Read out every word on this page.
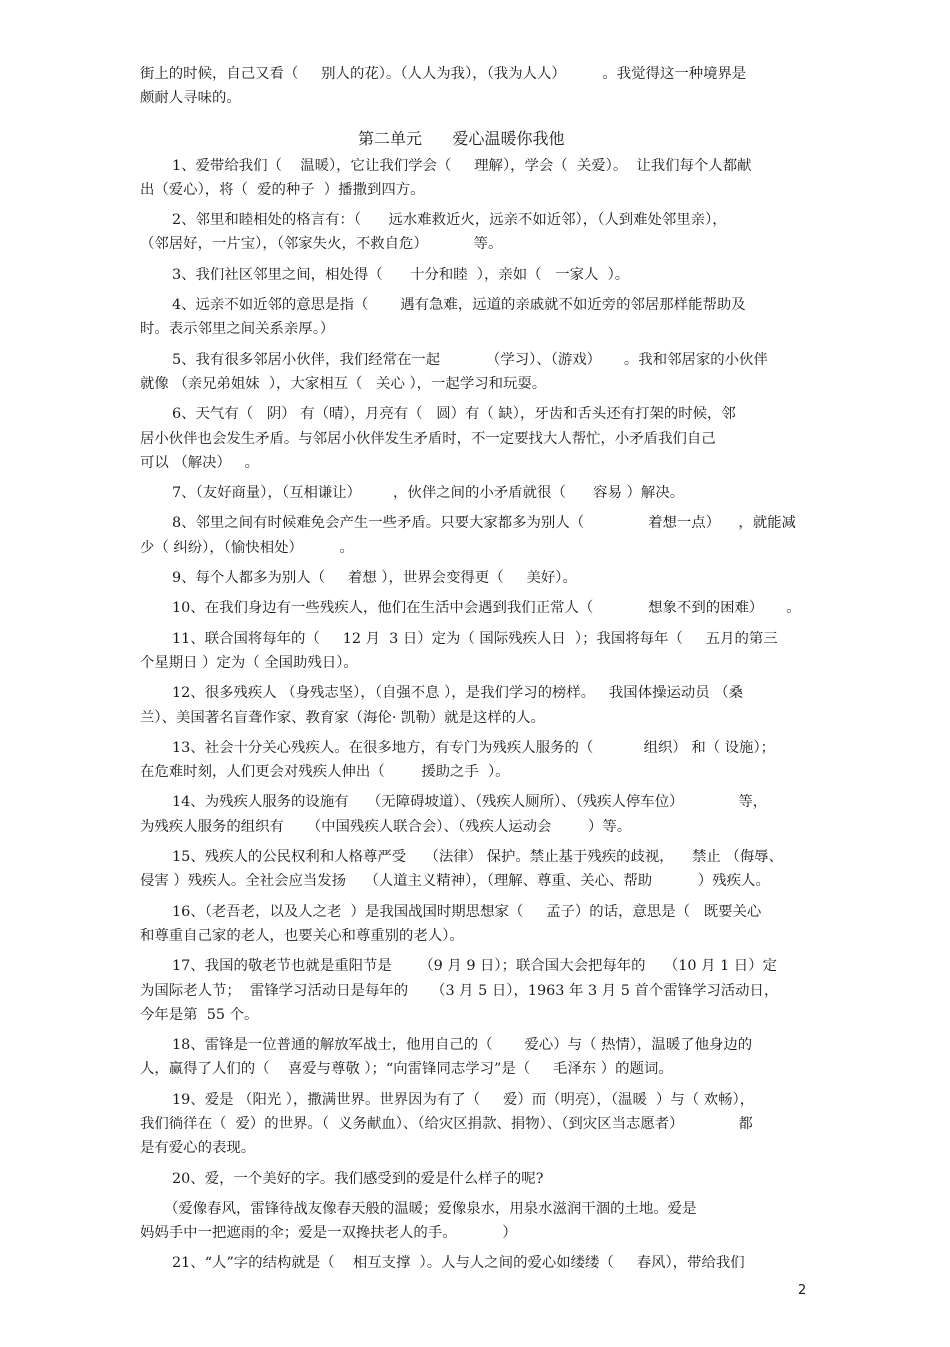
街上的时候，自己又看（     别人的花）。（人人为我），（我为人人）        。我觉得这一种境界是
颇耐人寻味的。
第二单元      爱心温暖你我他
1、爱带给我们（    温暖），它让我们学会（     理解），学会（  关爱）。  让我们每个人都献
出（爱心），将（  爱的种子  ）播撒到四方。
2、邻里和睦相处的格言有：（      远水难救近火，远亲不如近邻），（人到难处邻里亲），
（邻居好，一片宝），（邻家失火，不救自危）          等。
3、我们社区邻里之间，相处得（      十分和睦  ），亲如（   一家人  ）。
4、远亲不如近邻的意思是指（       遇有急难，远道的亲戚就不如近旁的邻居那样能帮助及
时。表示邻里之间关系亲厚。）
5、我有很多邻居小伙伴，我们经常在一起          （学习）、（游戏）     。我和邻居家的小伙伴
就像 （亲兄弟姐妹  ），大家相互（   关心 ），一起学习和玩耍。
6、天气有（   阴） 有（晴），月亮有（   圆）有（ 缺），牙齿和舌头还有打架的时候，邻
居小伙伴也会发生矛盾。与邻居小伙伴发生矛盾时，不一定要找大人帮忙，小矛盾我们自己
可以 （解决）   。
7、（友好商量），（互相谦让）       ，伙伴之间的小矛盾就很（      容易 ）解决。
8、邻里之间有时候难免会产生一些矛盾。只要大家都多为别人（              着想一点）    ，就能减
少（ 纠纷），（愉快相处）        。
9、每个人都多为别人（     着想 ），世界会变得更（     美好）。
10、在我们身边有一些残疾人，他们在生活中会遇到我们正常人（            想象不到的困难）     。
11、联合国将每年的（     12 月  3 日）定为（ 国际残疾人日  ）；我国将每年（     五月的第三
个星期日 ）定为（ 全国助残日）。
12、很多残疾人 （身残志坚），（自强不息 ），是我们学习的榜样。   我国体操运动员 （桑
兰）、美国著名盲聋作家、教育家（海伦· 凯勒）就是这样的人。
13、社会十分关心残疾人。在很多地方，有专门为残疾人服务的（           组织） 和（ 设施）；
在危难时刻，人们更会对残疾人伸出（        援助之手  ）。
14、为残疾人服务的设施有    （无障碍坡道）、（残疾人厕所）、（残疾人停车位）            等，
为残疾人服务的组织有     （中国残疾人联合会）、（残疾人运动会        ）等。
15、残疾人的公民权利和人格尊严受    （法律） 保护。禁止基于残疾的歧视，    禁止 （侮辱、
侵害 ）残疾人。全社会应当发扬    （人道主义精神），（理解、尊重、关心、帮助          ）残疾人。
16、（老吾老，以及人之老  ）是我国战国时期思想家（     孟子）的话，意思是（   既要关心
和尊重自己家的老人，也要关心和尊重别的老人）。
17、我国的敬老节也就是重阳节是      （9 月 9 日）；联合国大会把每年的    （10 月 1 日）定
为国际老人节；  雷锋学习活动日是每年的     （3 月 5 日），1963 年 3 月 5 首个雷锋学习活动日，
今年是第  55 个。
18、雷锋是一位普通的解放军战士，他用自己的（       爱心）与（ 热情），温暖了他身边的
人，赢得了人们的（    喜爱与尊敬 ）；“向雷锋同志学习”是（     毛泽东 ）的题词。
19、爱是 （阳光 ），撒满世界。世界因为有了（     爱）而（明亮），（温暖  ）与（ 欢畅），
我们徜徉在（  爱）的世界。（  义务献血）、（给灾区捐款、捐物）、（到灾区当志愿者）            都
是有爱心的表现。
20、爱，一个美好的字。我们感受到的爱是什么样子的呢?
（爱像春风，雷锋待战友像春天般的温暖；爱像泉水，用泉水滋润干涸的土地。爱是
妈妈手中一把遮雨的伞；爱是一双搀扶老人的手。          ）
21、“人”字的结构就是（    相互支撑  ）。人与人之间的爱心如缕缕（     春风），带给我们
2
